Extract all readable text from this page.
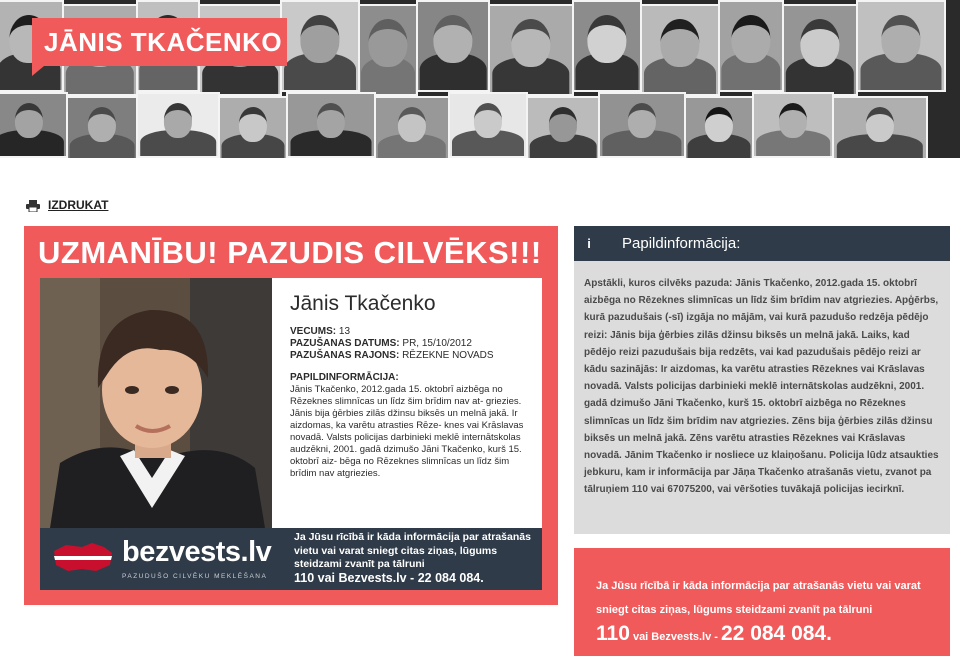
JĀNIS TKAČENKO
IZDRUKAT
UZMANĪBU! PAZUDIS CILVĒKS!!!
Jānis Tkačenko
VECUMS: 13
PAZUŠANAS DATUMS: PR, 15/10/2012
PAZUŠANAS RAJONS: RĒZEKNE NOVADS
PAPILDINFORMĀCIJA:
Jānis Tkačenko, 2012.gada 15. oktobrī aizbēga no Rēzeknes slimnīcas un līdz šim brīdim nav at- griezies. Jānis bija ģērbies zilās džinsu biksēs un melnā jakā. Ir aizdomas, ka varētu atrasties Rēze- knes vai Krāslavas novadā. Valsts policijas darbinieki meklē internātskolas audzēkni, 2001. gadā dzimušo Jāni Tkačenko, kurš 15. oktobrī aiz- bēga no Rēzeknes slimnīcas un līdz šim brīdim nav atgriezies.
bezvests.lv
PAZUDUŠO CILVĒKU MEKLĒŠANA
Ja Jūsu rīcībā ir kāda informācija par atrašanās vietu vai varat sniegt citas ziņas, lūgums steidzami zvanīt pa tālruni
110 vai Bezvests.lv - 22 084 084.
i	Papildinformācija:

Apstākli, kuros cilvēks pazuda: Jānis Tkačenko, 2012.gada 15. oktobrī aizbēga no Rēzeknes slimnīcas un līdz šim brīdim nav atgriezies. Apģērbs, kurā pazudušais (-sī) izgāja no mājām, vai kurā pazudušo redzēja pēdējo reizi: Jānis bija ģērbies zilās džinsu biksēs un melnā jakā. Laiks, kad pēdējo reizi pazudušais bija redzēts, vai kad pazudušais pēdējo reizi ar kādu sazinājās: Ir aizdomas, ka varētu atrasties Rēzeknes vai Krāslavas novadā. Valsts policijas darbinieki meklē internātskolas audzēkni, 2001. gadā dzimušo Jāni Tkačenko, kurš 15. oktobrī aizbēga no Rēzeknes slimnīcas un līdz šim brīdim nav atgriezies. Zēns bija ģērbies zilās džinsu biksēs un melnā jakā. Zēns varētu atrasties Rēzeknes vai Krāslavas novadā. Jānim Tkačenko ir nosliece uz klaiņošanu. Policija lūdz atsaukties jebkuru, kam ir informācija par Jāņa Tkačenko atrašanās vietu, zvanot pa tālruņiem 110 vai 67075200, vai vēršoties tuvākajā policijas iecirknī.

Ja Jūsu rīcībā ir kāda informācija par atrašanās vietu vai varat sniegt citas ziņas, lūgums steidzami zvanīt pa tālruni
110 vai Bezvests.lv - 22 084 084.
